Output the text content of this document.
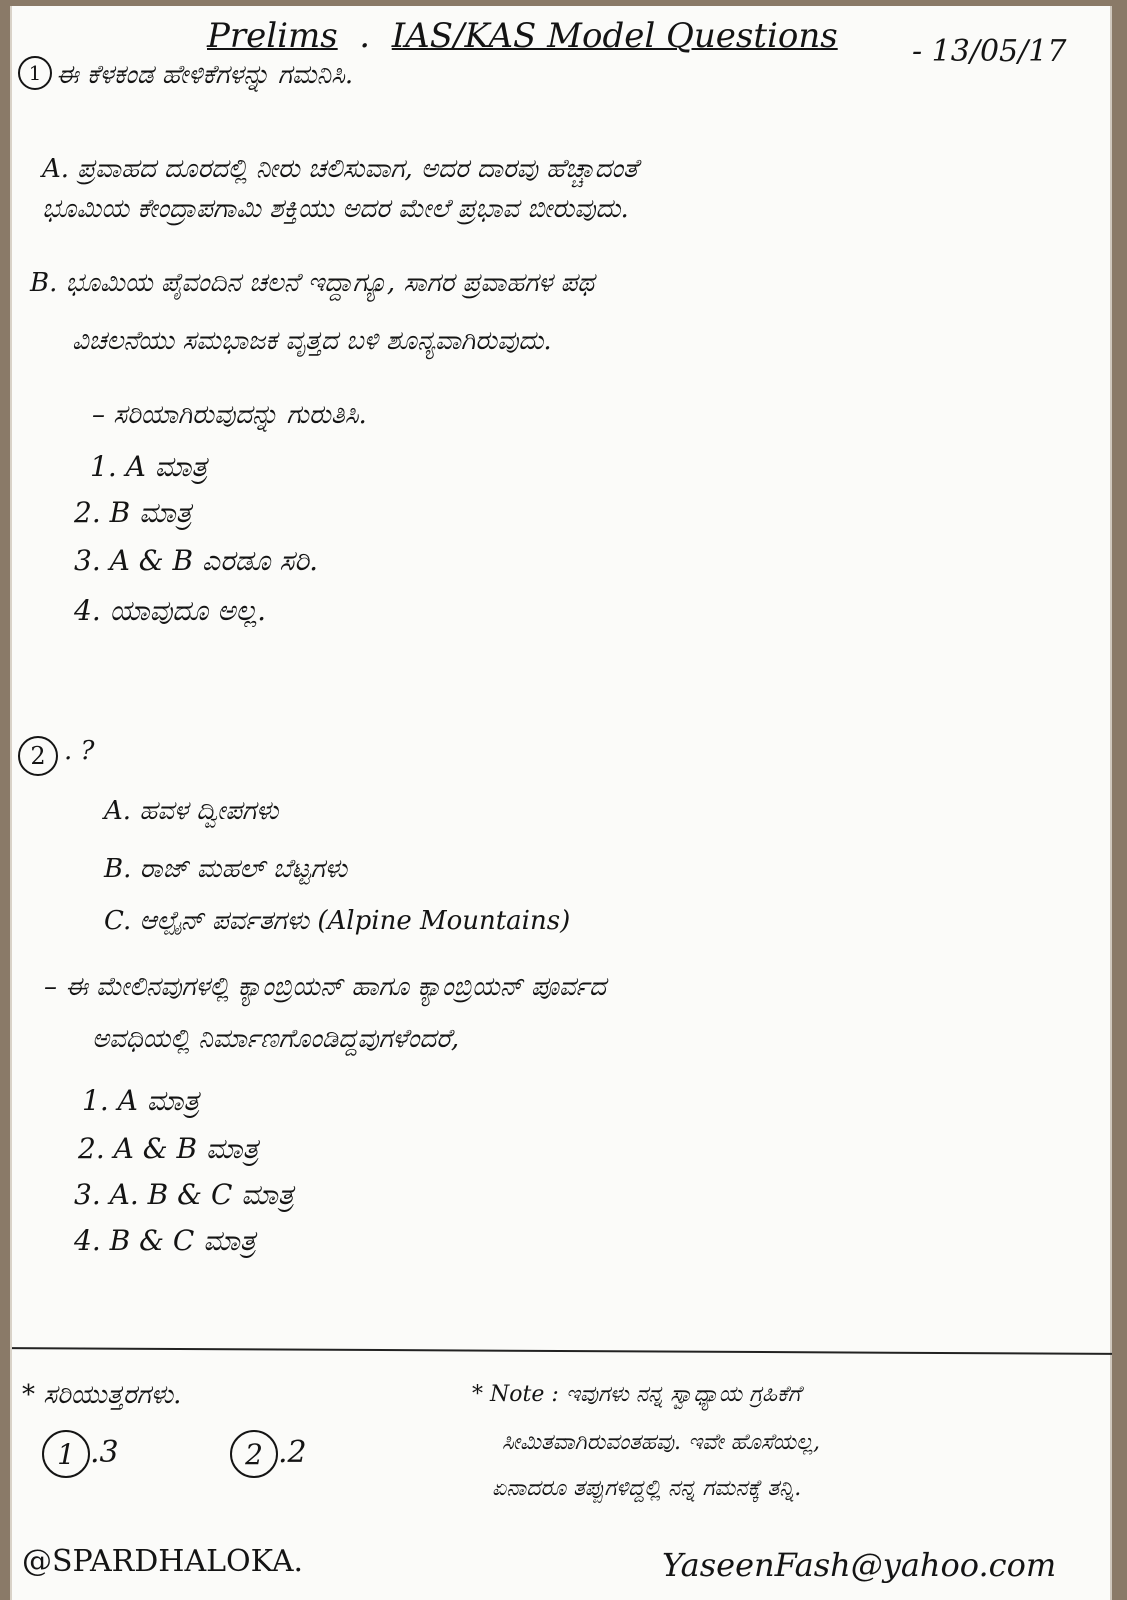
Prelims  .  IAS/KAS Model Questions - 13/05/17
1 ಈ ಕೆಳಕಂಡ ಹೇಳಿಕೆಗಳನ್ನು ಗಮನಿಸಿ.
A. ಪ್ರವಾಹದ ದೂರದಲ್ಲಿ ನೀರು ಚಲಿಸುವಾಗ, ಅದರ ದಾರವು ಹೆಚ್ಚಾದಂತೆ
ಭೂಮಿಯ ಕೇಂದ್ರಾಪಗಾಮಿ ಶಕ್ತಿಯು ಅದರ ಮೇಲೆ ಪ್ರಭಾವ ಬೀರುವುದು.
B. ಭೂಮಿಯ ಪೈವಂದಿನ ಚಲನೆ ಇದ್ದಾಗ್ಯೂ, ಸಾಗರ ಪ್ರವಾಹಗಳ ಪಥ
ವಿಚಲನೆಯು ಸಮಭಾಜಕ ವೃತ್ತದ ಬಳಿ ಶೂನ್ಯವಾಗಿರುವುದು.
– ಸರಿಯಾಗಿರುವುದನ್ನು ಗುರುತಿಸಿ.
1. A ಮಾತ್ರ
2. B ಮಾತ್ರ
3. A & B ಎರಡೂ ಸರಿ.
4. ಯಾವುದೂ ಅಲ್ಲ.
2 . ?
A. ಹವಳ ದ್ವೀಪಗಳು
B. ರಾಜ್ ಮಹಲ್ ಬೆಟ್ಟಗಳು
C. ಆಲ್ಪೈನ್ ಪರ್ವತಗಳು (Alpine Mountains)
– ಈ ಮೇಲಿನವುಗಳಲ್ಲಿ ಕ್ಯಾಂಬ್ರಿಯನ್ ಹಾಗೂ ಕ್ಯಾಂಬ್ರಿಯನ್ ಪೂರ್ವದ
ಅವಧಿಯಲ್ಲಿ ನಿರ್ಮಾಣಗೊಂಡಿದ್ದವುಗಳೆಂದರೆ,
1. A ಮಾತ್ರ
2. A & B ಮಾತ್ರ
3. A. B & C ಮಾತ್ರ
4. B & C ಮಾತ್ರ
* ಸರಿಯುತ್ತರಗಳು.
1 .3	2 .2
* Note : ಇವುಗಳು ನನ್ನ ಸ್ವಾಧ್ಯಾಯ ಗ್ರಹಿಕೆಗೆ
ಸೀಮಿತವಾಗಿರುವಂತಹವು. ಇವೇ ಹೊಸೆಯಲ್ಲ,
ಏನಾದರೂ ತಪ್ಪುಗಳಿದ್ದಲ್ಲಿ ನನ್ನ ಗಮನಕ್ಕೆ ತನ್ನಿ.
@SPARDHALOKA.	YaseenFash@yahoo.com
